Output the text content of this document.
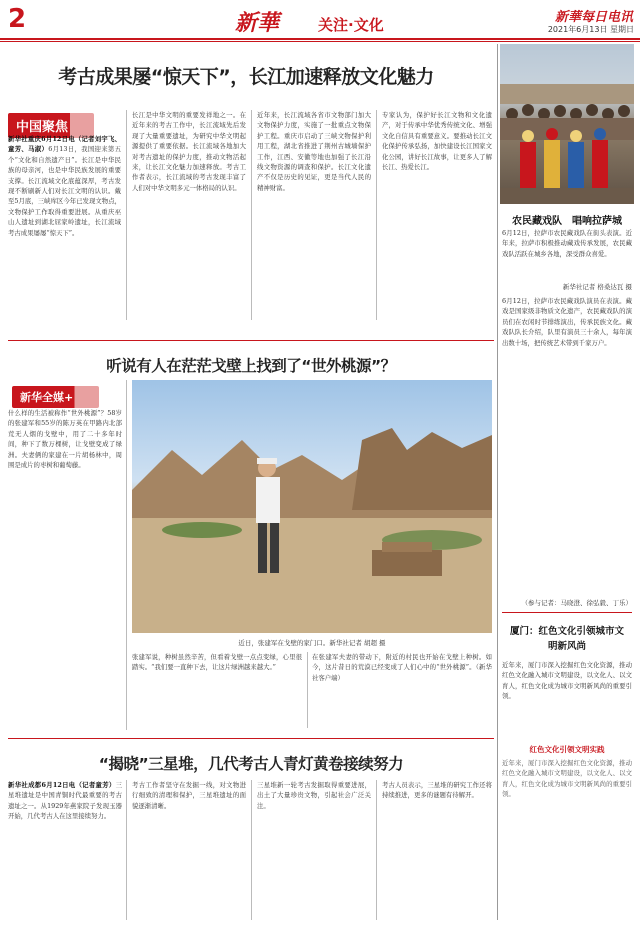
2	新華	关注·文化	新華每日电讯
2021年6月13日 星期日
考古成果屡“惊天下”，长江加速释放文化魅力
中国聚焦
新华社重庆6月12日电（记者刘宇飞、童芳、马淑）6月13日，我国迎来第五个“文化和自然遗产日”。长江是中华民族的母亲河，也是中华民族发展的重要支撑。长江流域文化底蕴深厚，考古发现不断刷新人们对长江文明的认识。戴至5月底，三峡库区今年已发现文物点，文物保护工作取得重要进展。从重庆巫山人遗址到湖北屈家岭遗址，长江流域考古成果屡屡“惊天下”。
长江是中华文明的重要发祥地之一。在近年来的考古工作中，长江流域先后发现了大量重要遗址，为研究中华文明起源提供了重要依据。长江流域各地加大对考古遗址的保护力度，推动文物活起来，让长江文化魅力加速释放。考古工作者表示，长江流域的考古发现丰富了人们对中华文明多元一体格局的认识。
近年来，长江流域各省市文物部门加大文物保护力度，实施了一批重点文物保护工程。重庆市启动了三峡文物保护利用工程，湖北省推进了荆州古城墙保护工作，江西、安徽等地也加强了长江沿线文物资源的调查和保护。长江文化遗产不仅是历史的见证，更是当代人民的精神财富。
专家认为，保护好长江文物和文化遗产，对于传承中华优秀传统文化、增强文化自信具有重要意义。要推动长江文化保护传承弘扬，加快建设长江国家文化公园，讲好长江故事，让更多人了解长江、热爱长江。
听说有人在茫茫戈壁上找到了“世外桃源”？
新华全媒+
什么样的生活被称作“世外桃源”？58岁的张建军和55岁的陈万英在甲路内北部荒无人烟的戈壁中，用了二十多年时间，种下了数万棵树，让戈壁变成了绿洲。夫妻俩的家建在一片胡杨林中，周围是成片的枣树和葡萄藤。
近日，张建军在戈壁的家门口。新华社记者 胡超 摄
张建军说，种树虽然辛苦，但看着戈壁一点点变绿，心里很踏实。“我们要一直种下去，让这片绿洲越来越大。”
在张建军夫妻的带动下，附近的村民也开始在戈壁上种树。如今，这片昔日的荒漠已经变成了人们心中的“世外桃源”。（新华社客户端）
“揭晓”三星堆，几代考古人青灯黄卷接续努力
新华社成都6月12日电（记者童芳）三星堆遗址是中国青铜时代最重要的考古遗址之一。从1929年燕家院子发现玉器开始，几代考古人在这里接续努力。
考古工作者坚守在发掘一线，对文物进行细致的清理和保护，三星堆遗址的面貌逐渐清晰。
三星堆新一轮考古发掘取得重要进展，出土了大量珍贵文物，引起社会广泛关注。
考古人员表示，三星堆的研究工作还将持续推进，更多的谜题有待解开。
农民藏戏队　唱响拉萨城
6月12日，拉萨市农民藏戏队在街头表演。近年来，拉萨市积极推动藏戏传承发展，农民藏戏队活跃在城乡各地，深受群众喜爱。
新华社记者 格桑达瓦 摄
6月12日，拉萨市农民藏戏队演员在表演。藏戏是国家级非物质文化遗产，农民藏戏队的演员们在农闲时节排练演出，传承民族文化。藏戏队队长介绍，队里有演员三十余人，每年演出数十场，把传统艺术带到千家万户。
（参与记者：马晓澄、徐弘毅、丁乐）
厦门：红色文化引领城市文明新风尚
近年来，厦门市深入挖掘红色文化资源，推动红色文化融入城市文明建设，以文化人、以文育人，红色文化成为城市文明新风尚的重要引领。
红色文化引领文明实践
近年来，厦门市深入挖掘红色文化资源，推动红色文化融入城市文明建设，以文化人、以文育人，红色文化成为城市文明新风尚的重要引领。
